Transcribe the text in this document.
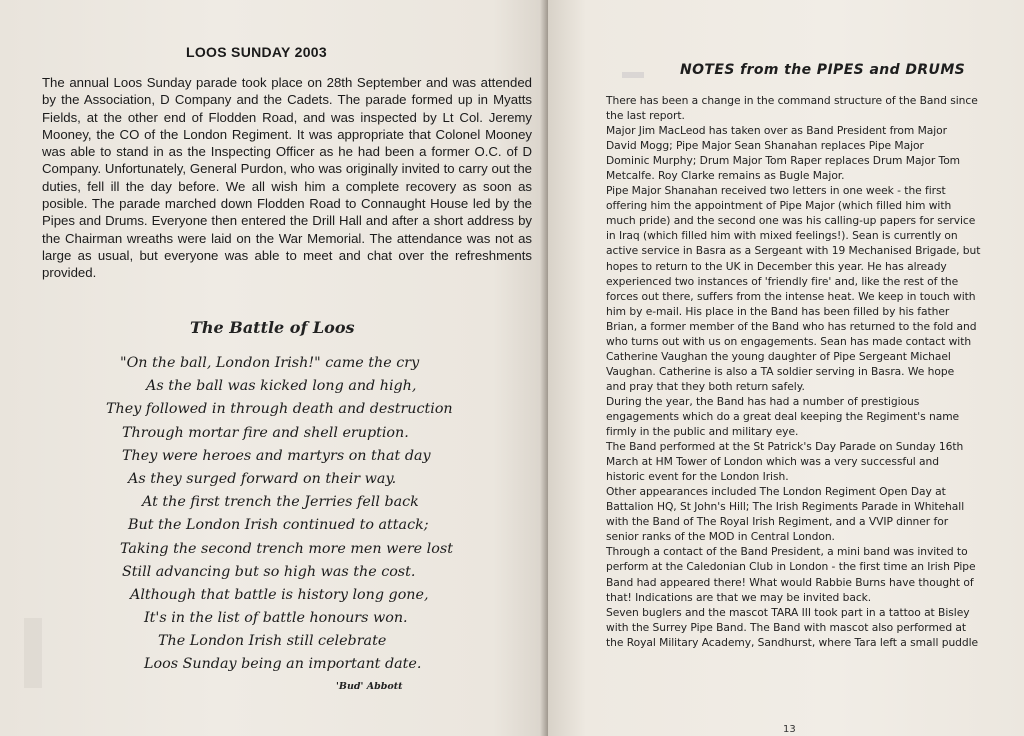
LOOS SUNDAY 2003

The annual Loos Sunday parade took place on 28th September and was attended by the Association, D Company and the Cadets. The parade formed up in Myatts Fields, at the other end of Flodden Road, and was inspected by Lt Col. Jeremy Mooney, the CO of the London Regiment. It was appropriate that Colonel Mooney was able to stand in as the Inspecting Officer as he had been a former O.C. of D Company. Unfortunately, General Purdon, who was originally invited to carry out the duties, fell ill the day before. We all wish him a complete recovery as soon as posible. The parade marched down Flodden Road to Connaught House led by the Pipes and Drums. Everyone then entered the Drill Hall and after a short address by the Chairman wreaths were laid on the War Memorial. The attendance was not as large as usual, but everyone was able to meet and chat over the refreshments provided.

The Battle of Loos
"On the ball, London Irish!" came the cry
As the ball was kicked long and high,
They followed in through death and destruction
Through mortar fire and shell eruption.
They were heroes and martyrs on that day
As they surged forward on their way.
At the first trench the Jerries fell back
But the London Irish continued to attack;
Taking the second trench more men were lost
Still advancing but so high was the cost.
Although that battle is history long gone,
It's in the list of battle honours won.
The London Irish still celebrate
Loos Sunday being an important date.
'Bud' Abbott
NOTES from the PIPES and DRUMS
There has been a change in the command structure of the Band since
the last report.
Major Jim MacLeod has taken over as Band President from Major
David Mogg; Pipe Major Sean Shanahan replaces Pipe Major
Dominic Murphy; Drum Major Tom Raper replaces Drum Major Tom
Metcalfe. Roy Clarke remains as Bugle Major.
Pipe Major Shanahan received two letters in one week - the first
offering him the appointment of Pipe Major (which filled him with
much pride) and the second one was his calling-up papers for service
in Iraq (which filled him with mixed feelings!). Sean is currently on
active service in Basra as a Sergeant with 19 Mechanised Brigade, but
hopes to return to the UK in December this year. He has already
experienced two instances of 'friendly fire' and, like the rest of the
forces out there, suffers from the intense heat. We keep in touch with
him by e-mail. His place in the Band has been filled by his father
Brian, a former member of the Band who has returned to the fold and
who turns out with us on engagements. Sean has made contact with
Catherine Vaughan the young daughter of Pipe Sergeant Michael
Vaughan. Catherine is also a TA soldier serving in Basra. We hope
and pray that they both return safely.
During the year, the Band has had a number of prestigious
engagements which do a great deal keeping the Regiment's name
firmly in the public and military eye.
The Band performed at the St Patrick's Day Parade on Sunday 16th
March at HM Tower of London which was a very successful and
historic event for the London Irish.
Other appearances included The London Regiment Open Day at
Battalion HQ, St John's Hill; The Irish Regiments Parade in Whitehall
with the Band of The Royal Irish Regiment, and a VVIP dinner for
senior ranks of the MOD in Central London.
Through a contact of the Band President, a mini band was invited to
perform at the Caledonian Club in London - the first time an Irish Pipe
Band had appeared there! What would Rabbie Burns have thought of
that! Indications are that we may be invited back.
Seven buglers and the mascot TARA III took part in a tattoo at Bisley
with the Surrey Pipe Band. The Band with mascot also performed at
the Royal Military Academy, Sandhurst, where Tara left a small puddle
13
